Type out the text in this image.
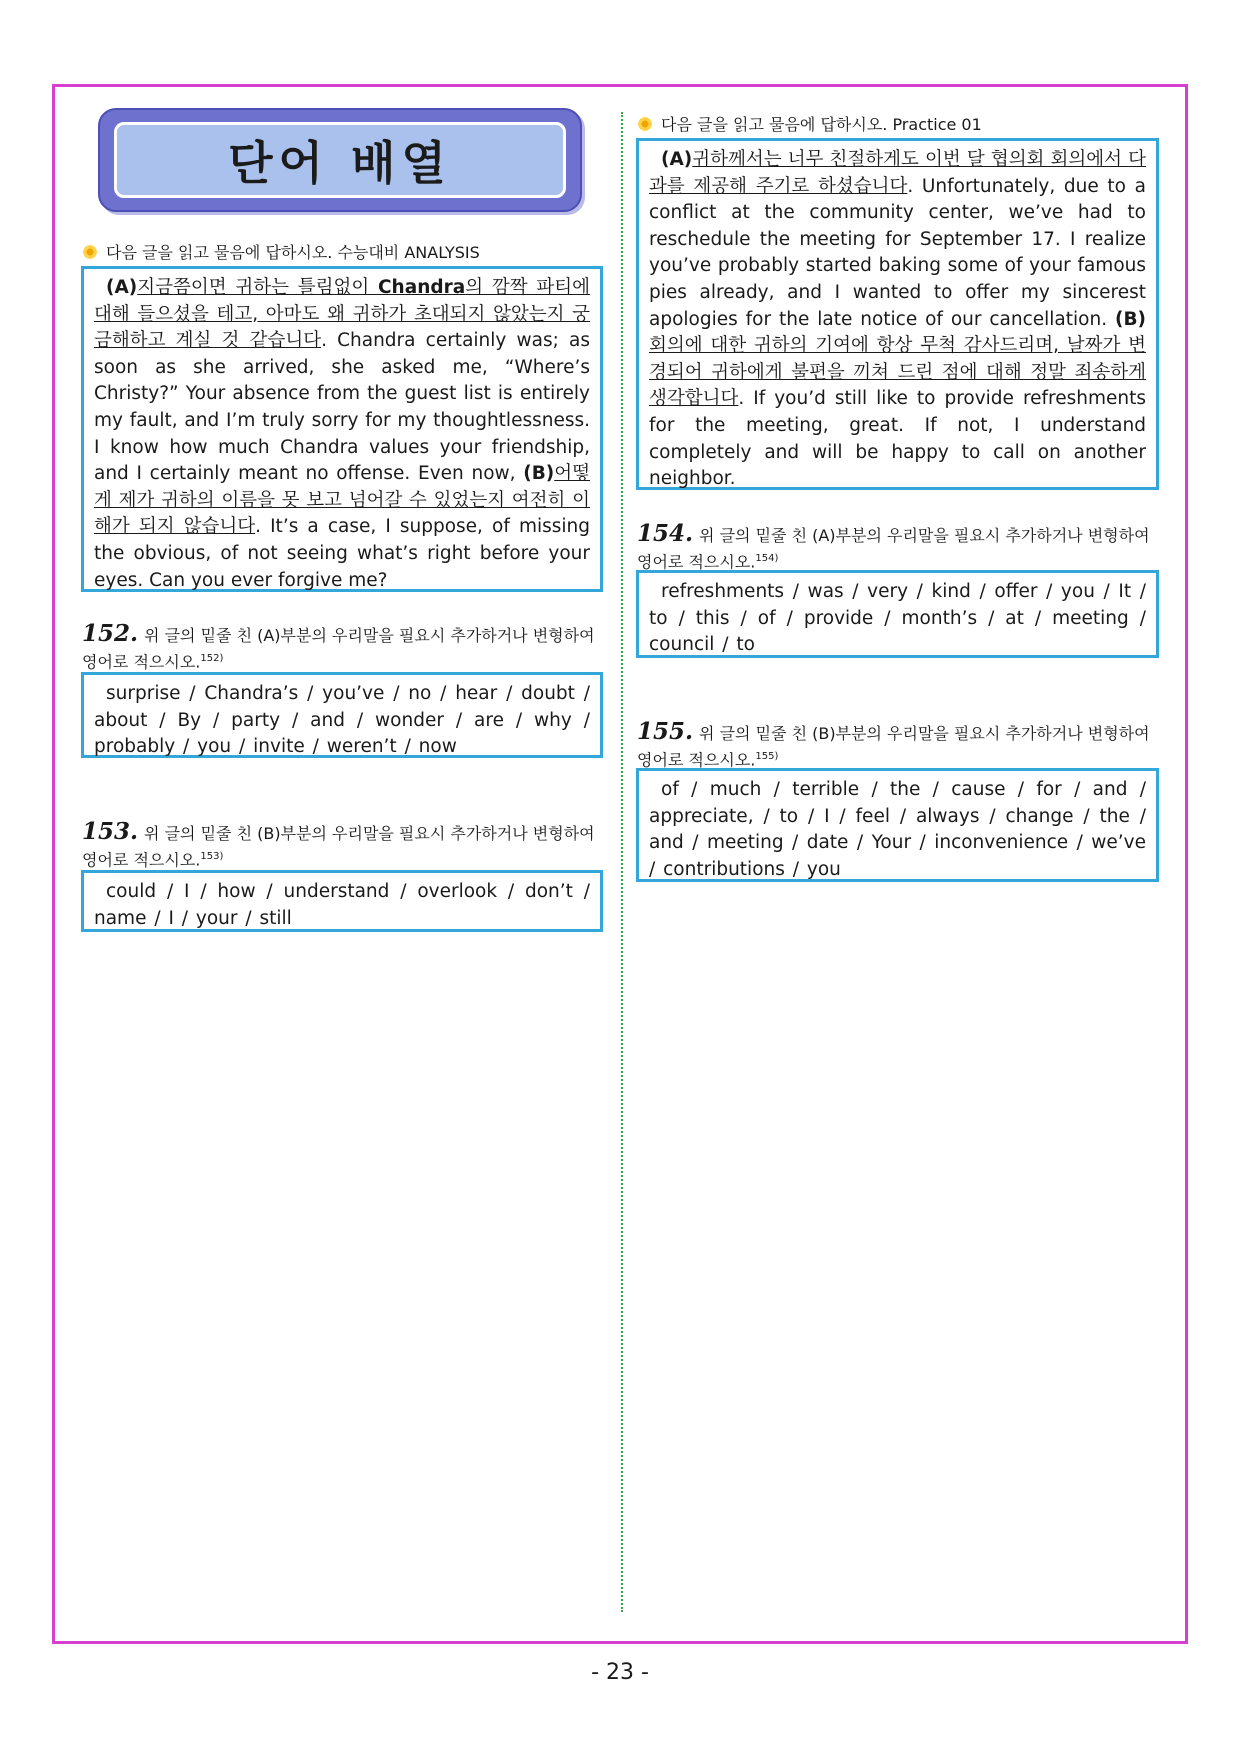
단어 배열
다음 글을 읽고 물음에 답하시오. 수능대비 ANALYSIS
(A)지금쯤이면 귀하는 틀림없이 Chandra의 깜짝 파티에 대해 들으셨을 테고, 아마도 왜 귀하가 초대되지 않았는지 궁금해하고 계실 것 같습니다. Chandra certainly was; as soon as she arrived, she asked me, “Where’s Christy?” Your absence from the guest list is entirely my fault, and I’m truly sorry for my thoughtlessness. I know how much Chandra values your friendship, and I certainly meant no offense. Even now, (B)어떻게 제가 귀하의 이름을 못 보고 넘어갈 수 있었는지 여전히 이해가 되지 않습니다. It’s a case, I suppose, of missing the obvious, of not seeing what’s right before your eyes. Can you ever forgive me?
152. 위 글의 밑줄 친 (A)부분의 우리말을 필요시 추가하거나 변형하여 영어로 적으시오.$^{152)}$
surprise / Chandra’s / you’ve / no / hear / doubt / about / By / party / and / wonder / are / why / probably / you / invite / weren’t / now
153. 위 글의 밑줄 친 (B)부분의 우리말을 필요시 추가하거나 변형하여 영어로 적으시오.$^{153)}$
could / I / how / understand / overlook / don’t / name / I / your / still
다음 글을 읽고 물음에 답하시오. Practice 01
(A)귀하께서는 너무 친절하게도 이번 달 협의회 회의에서 다과를 제공해 주기로 하셨습니다. Unfortunately, due to a conflict at the community center, we’ve had to reschedule the meeting for September 17. I realize you’ve probably started baking some of your famous pies already, and I wanted to offer my sincerest apologies for the late notice of our cancellation. (B)회의에 대한 귀하의 기여에 항상 무척 감사드리며, 날짜가 변경되어 귀하에게 불편을 끼쳐 드린 점에 대해 정말 죄송하게 생각합니다. If you’d still like to provide refreshments for the meeting, great. If not, I understand completely and will be happy to call on another neighbor.
154. 위 글의 밑줄 친 (A)부분의 우리말을 필요시 추가하거나 변형하여 영어로 적으시오.$^{154)}$
refreshments / was / very / kind / offer / you / It / to / this / of / provide / month’s / at / meeting / council / to
155. 위 글의 밑줄 친 (B)부분의 우리말을 필요시 추가하거나 변형하여 영어로 적으시오.$^{155)}$
of / much / terrible / the / cause / for / and / appreciate, / to / I / feel / always / change / the / and / meeting / date / Your / inconvenience / we’ve / contributions / you
- 23 -
